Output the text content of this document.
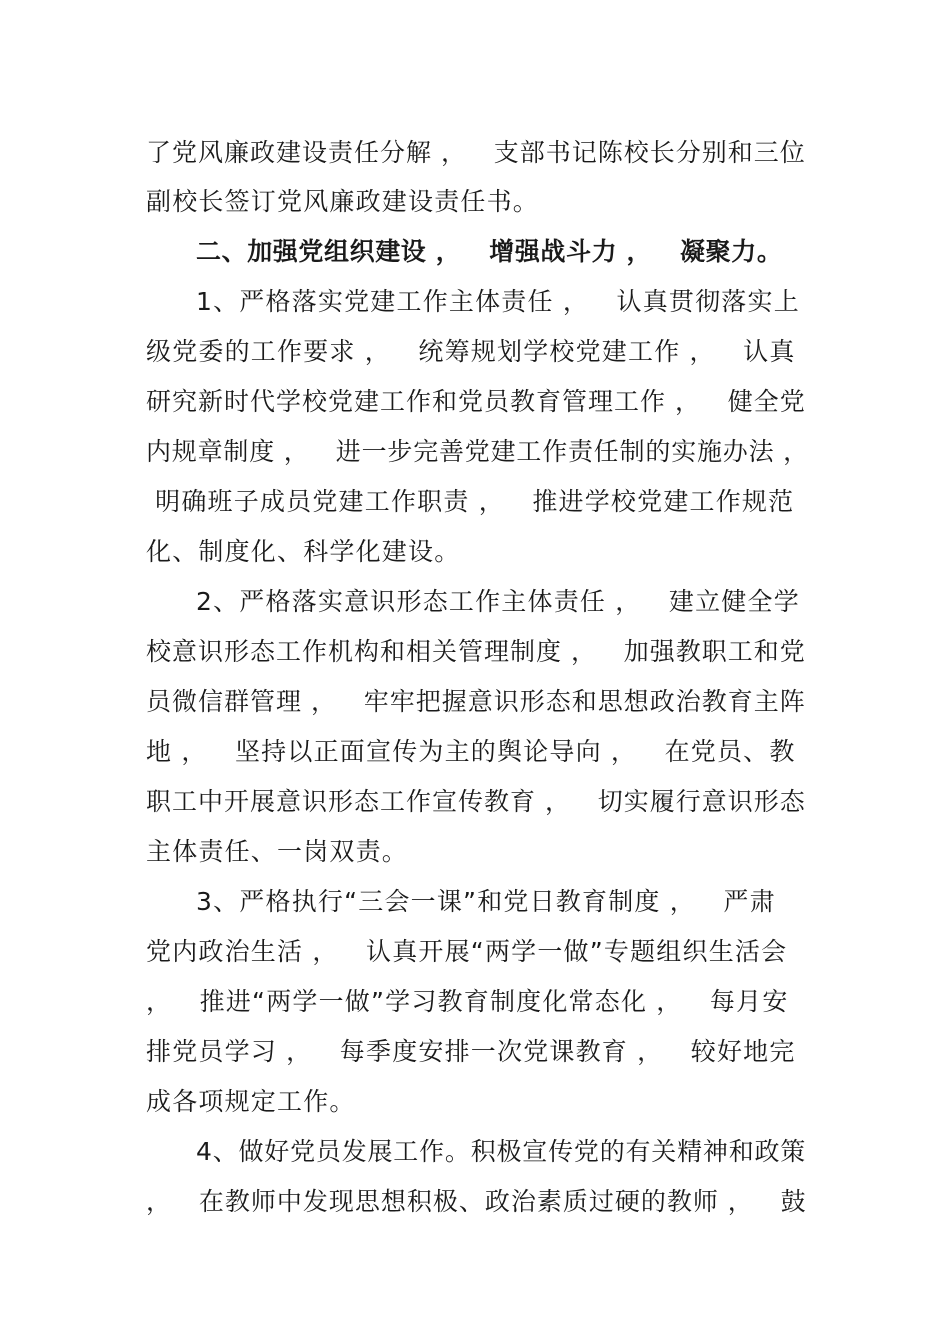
了党风廉政建设责任分解 ，   支部书记陈校长分别和三位
副校长签订党风廉政建设责任书。
二、加强党组织建设 ，   增强战斗力 ，   凝聚力。
1、严格落实党建工作主体责任 ，   认真贯彻落实上
级党委的工作要求 ，   统筹规划学校党建工作 ，   认真
研究新时代学校党建工作和党员教育管理工作 ，   健全党
内规章制度 ，   进一步完善党建工作责任制的实施办法 ，
明确班子成员党建工作职责 ，   推进学校党建工作规范
化、制度化、科学化建设。
2、严格落实意识形态工作主体责任 ，   建立健全学
校意识形态工作机构和相关管理制度 ，   加强教职工和党
员微信群管理 ，   牢牢把握意识形态和思想政治教育主阵
地 ，   坚持以正面宣传为主的舆论导向 ，   在党员、教
职工中开展意识形态工作宣传教育 ，   切实履行意识形态
主体责任、一岗双责。
3、严格执行“三会一课”和党日教育制度 ，   严肃
党内政治生活 ，   认真开展“两学一做”专题组织生活会
，   推进“两学一做”学习教育制度化常态化 ，   每月安
排党员学习 ，   每季度安排一次党课教育 ，   较好地完
成各项规定工作。
4、做好党员发展工作。积极宣传党的有关精神和政策
，   在教师中发现思想积极、政治素质过硬的教师 ，   鼓
